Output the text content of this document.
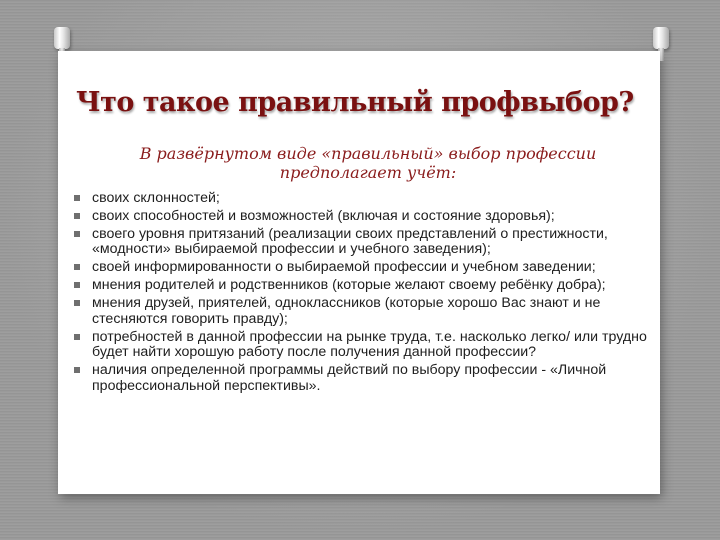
Что такое правильный профвыбор?
В развёрнутом виде «правильный» выбор профессии предполагает учёт:
своих склонностей;
своих способностей и возможностей (включая и состояние здоровья);
своего уровня притязаний (реализации своих представлений о престижности, «модности» выбираемой профессии и учебного заведения);
своей информированности о выбираемой профессии и учебном заведении;
мнения родителей и родственников (которые желают своему ребёнку добра);
мнения друзей, приятелей, одноклассников (которые хорошо Вас знают и не стесняются говорить правду);
потребностей в данной профессии на рынке труда, т.е. насколько легко/ или трудно будет найти хорошую работу после получения данной профессии?
наличия определенной программы действий по выбору профессии - «Личной профессиональной перспективы».
